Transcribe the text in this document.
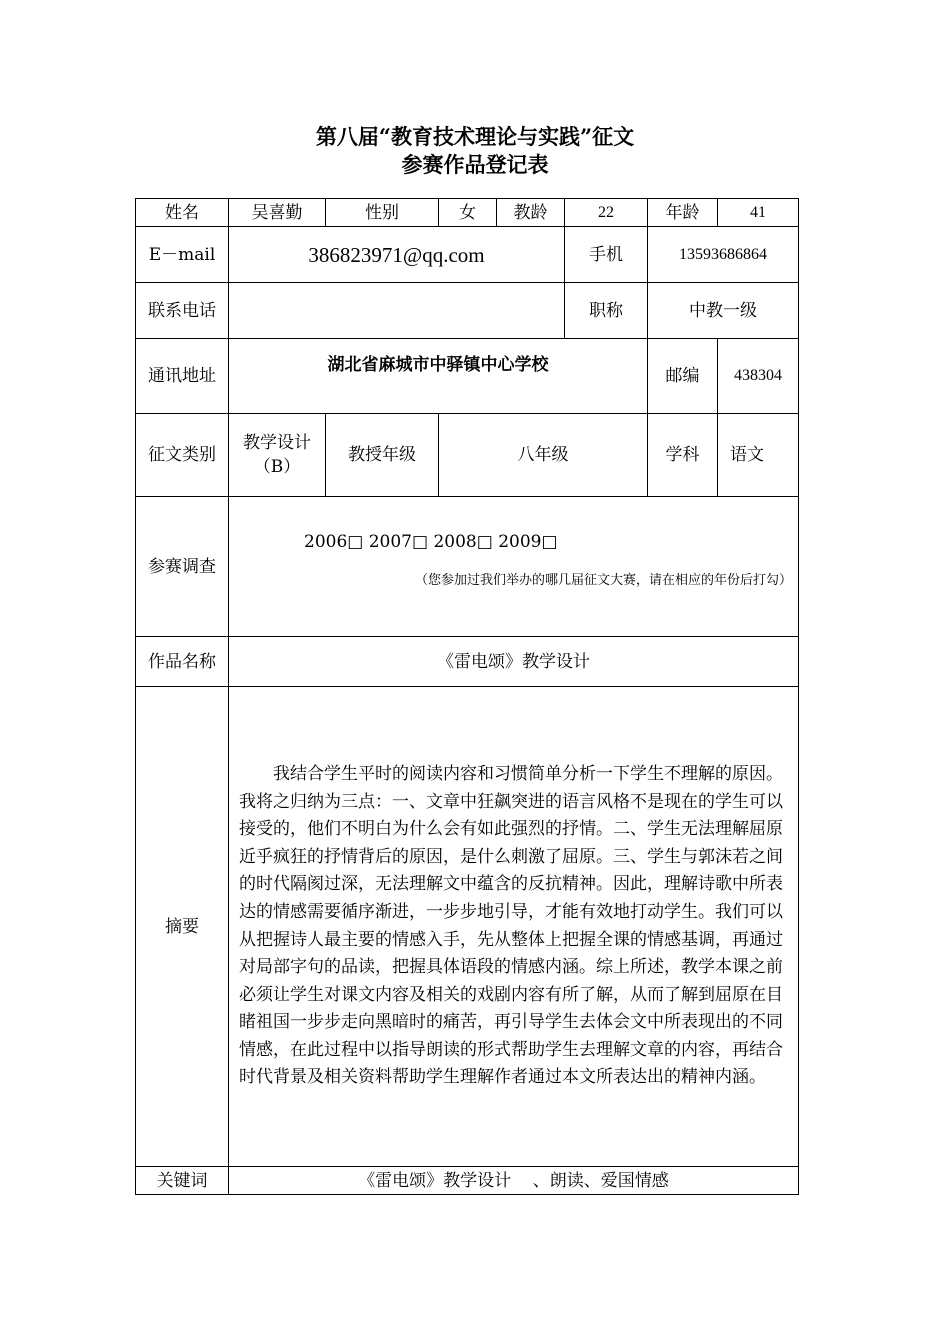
第八届“教育技术理论与实践”征文
参赛作品登记表
姓名	吴喜勤	性别	女	教龄	22	年龄	41
E－mail	386823971@qq.com				手机	13593686864	
联系电话					职称	中教一级	
通讯地址	湖北省麻城市中驿镇中心学校					邮编	438304
征文类别	教学设计（B）	教授年级	八年级			学科	语文
参赛调查	2006□ 2007□ 2008□ 2009□
（您参加过我们举办的哪几届征文大赛，请在相应的年份后打勾）						

作品名称	《雷电颂》教学设计						
摘要	我结合学生平时的阅读内容和习惯简单分析一下学生不理解的原因。我将之归纳为三点：一、文章中狂飙突进的语言风格不是现在的学生可以接受的，他们不明白为什么会有如此强烈的抒情。二、学生无法理解屈原近乎疯狂的抒情背后的原因，是什么刺激了屈原。三、学生与郭沫若之间的时代隔阂过深，无法理解文中蕴含的反抗精神。因此，理解诗歌中所表达的情感需要循序渐进，一步步地引导，才能有效地打动学生。我们可以从把握诗人最主要的情感入手，先从整体上把握全课的情感基调，再通过对局部字句的品读，把握具体语段的情感内涵。综上所述，教学本课之前必须让学生对课文内容及相关的戏剧内容有所了解，从而了解到屈原在目睹祖国一步步走向黑暗时的痛苦，再引导学生去体会文中所表现出的不同情感，在此过程中以指导朗读的形式帮助学生去理解文章的内容，再结合时代背景及相关资料帮助学生理解作者通过本文所表达出的精神内涵。						

关键词	《雷电颂》教学设计    、朗读、爱国情感						
